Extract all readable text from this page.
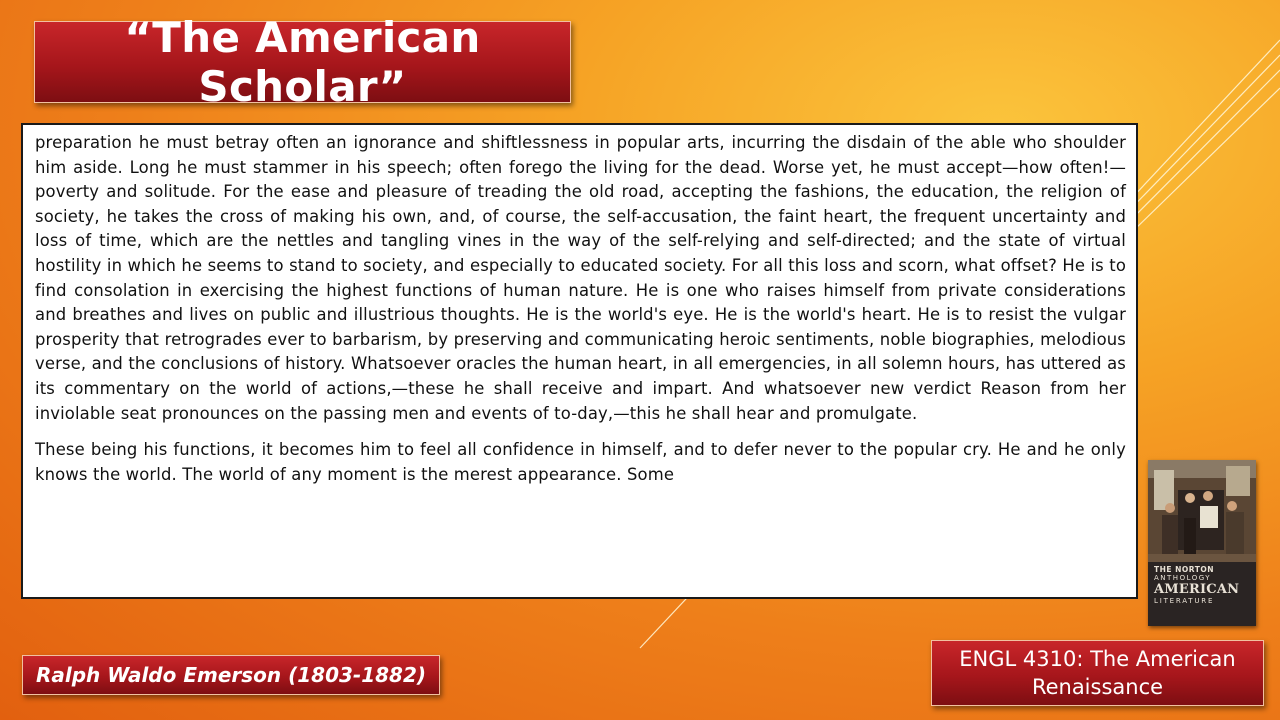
“The American Scholar”

preparation he must betray often an ignorance and shiftlessness in popular arts, incurring the disdain of the able who shoulder him aside. Long he must stammer in his speech; often forego the living for the dead. Worse yet, he must accept—how often!—poverty and solitude. For the ease and pleasure of treading the old road, accepting the fashions, the education, the religion of society, he takes the cross of making his own, and, of course, the self-accusation, the faint heart, the frequent uncertainty and loss of time, which are the nettles and tangling vines in the way of the self-relying and self-directed; and the state of virtual hostility in which he seems to stand to society, and especially to educated society. For all this loss and scorn, what offset? He is to find consolation in exercising the highest functions of human nature. He is one who raises himself from private considerations and breathes and lives on public and illustrious thoughts. He is the world's eye. He is the world's heart. He is to resist the vulgar prosperity that retrogrades ever to barbarism, by preserving and communicating heroic sentiments, noble biographies, melodious verse, and the conclusions of history. Whatsoever oracles the human heart, in all emergencies, in all solemn hours, has uttered as its commentary on the world of actions,—these he shall receive and impart. And whatsoever new verdict Reason from her inviolable seat pronounces on the passing men and events of to-day,—this he shall hear and promulgate.

These being his functions, it becomes him to feel all confidence in himself, and to defer never to the popular cry. He and he only knows the world. The world of any moment is the merest appearance. Some

THE NORTON
ANTHOLOGY
AMERICAN
LITERATURE
Ralph Waldo Emerson (1803-1882)
ENGL 4310: The American Renaissance
